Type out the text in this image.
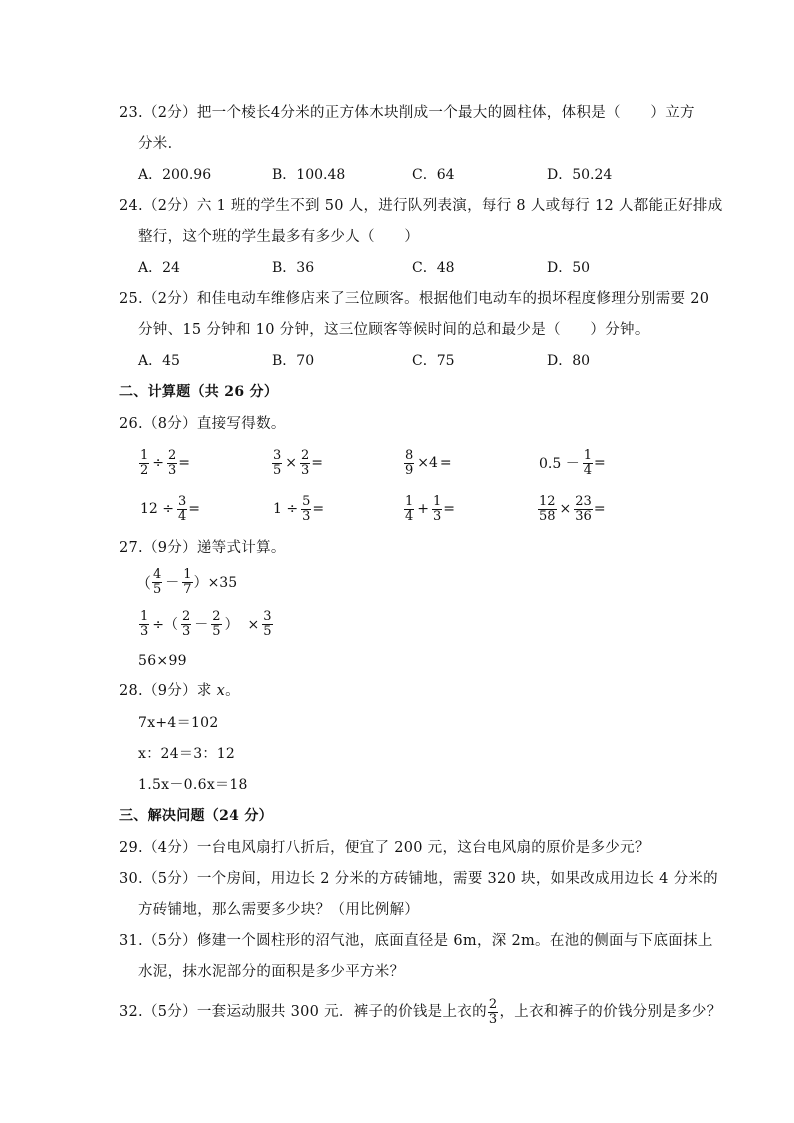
23.（2分）把一个棱长4分米的正方体木块削成一个最大的圆柱体，体积是（　　）立方
分米．
A．200.96	B．100.48	C．64	D．50.24
24.（2分）六 1 班的学生不到 50 人，进行队列表演，每行 8 人或每行 12 人都能正好排成
整行，这个班的学生最多有多少人（　　）
A．24	B．36	C．48	D．50
25.（2分）和佳电动车维修店来了三位顾客。根据他们电动车的损坏程度修理分别需要 20
分钟、15 分钟和 10 分钟，这三位顾客等候时间的总和最少是（　　）分钟。
A．45	B．70	C．75	D．80
二、计算题（共 26 分）
26.（8分）直接写得数。
$\frac{1}{2} \div \frac{2}{3}$ =	$\frac{3}{5} \times \frac{2}{3}$ =	$\frac{8}{9} \times 4$ =	$0.5 - \frac{1}{4}$ =
$12 \div \frac{3}{4}$ =	$1 \div \frac{5}{3}$ =	$\frac{1}{4} + \frac{1}{3}$ =	$\frac{12}{58} \times \frac{23}{36}$ =
27.（9分）递等式计算。
（ $\frac{4}{5} - \frac{1}{7} )\times 35$
$\frac{1}{3}$ ÷（ $\frac{2}{3} - \frac{2}{5}$ ）  × $\frac{3}{5}$
56×99
28.（9分）求 x。
7x+4＝102
x：24＝3：12
1.5x－0.6x＝18
三、解决问题（24 分）
29.（4分）一台电风扇打八折后，便宜了 200 元，这台电风扇的原价是多少元？
30.（5分）一个房间，用边长 2 分米的方砖铺地，需要 320 块，如果改成用边长 4 分米的
方砖铺地，那么需要多少块？（用比例解）
31.（5分）修建一个圆柱形的沼气池，底面直径是 6m，深 2m。在池的侧面与下底面抹上
水泥，抹水泥部分的面积是多少平方米？
32.（5分）一套运动服共 300 元．裤子的价钱是上衣的 $\frac{2}{3}$ ，上衣和裤子的价钱分别是多少？
